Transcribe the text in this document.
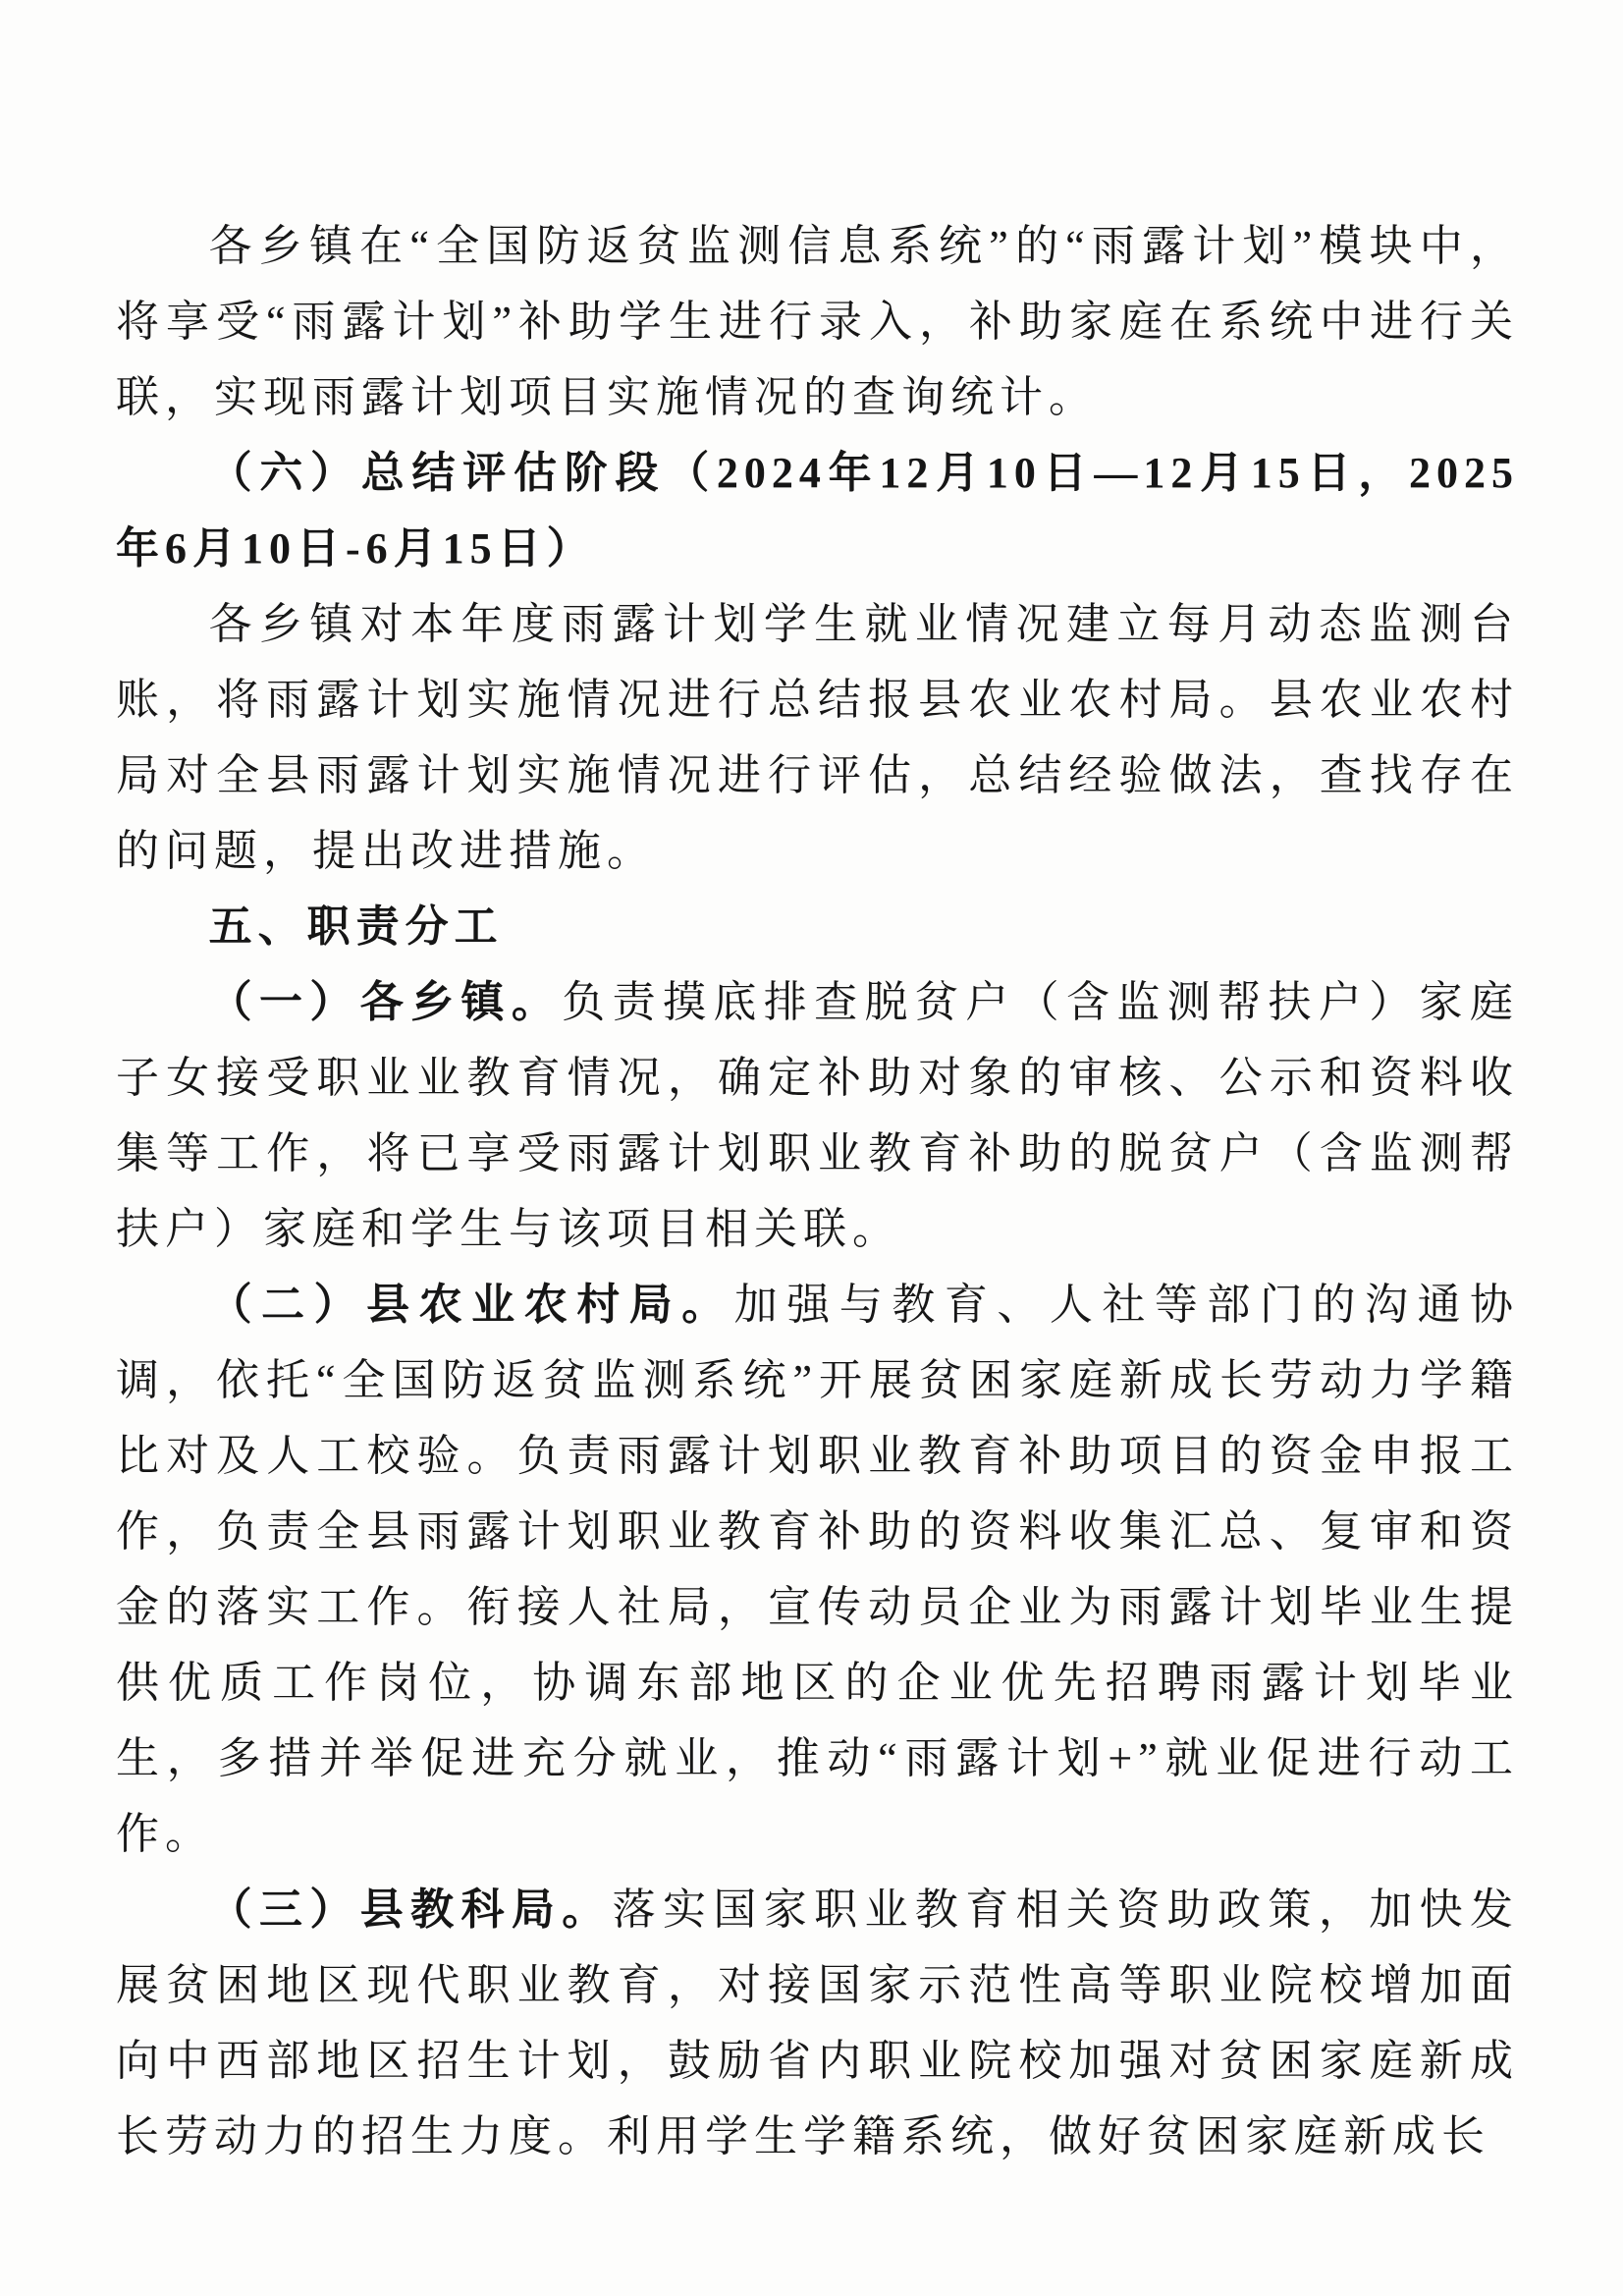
各乡镇在“全国防返贫监测信息系统”的“雨露计划”模块中，将享受“雨露计划”补助学生进行录入，补助家庭在系统中进行关联，实现雨露计划项目实施情况的查询统计。

（六）总结评估阶段（2024年12月10日—12月15日，2025年6月10日-6月15日）

各乡镇对本年度雨露计划学生就业情况建立每月动态监测台账，将雨露计划实施情况进行总结报县农业农村局。县农业农村局对全县雨露计划实施情况进行评估，总结经验做法，查找存在的问题，提出改进措施。

五、职责分工

（一）各乡镇。负责摸底排查脱贫户（含监测帮扶户）家庭子女接受职业业教育情况，确定补助对象的审核、公示和资料收集等工作，将已享受雨露计划职业教育补助的脱贫户（含监测帮扶户）家庭和学生与该项目相关联。

（二）县农业农村局。加强与教育、人社等部门的沟通协调，依托“全国防返贫监测系统”开展贫困家庭新成长劳动力学籍比对及人工校验。负责雨露计划职业教育补助项目的资金申报工作，负责全县雨露计划职业教育补助的资料收集汇总、复审和资金的落实工作。衔接人社局，宣传动员企业为雨露计划毕业生提供优质工作岗位，协调东部地区的企业优先招聘雨露计划毕业生，多措并举促进充分就业，推动“雨露计划+”就业促进行动工作。

（三）县教科局。落实国家职业教育相关资助政策，加快发展贫困地区现代职业教育，对接国家示范性高等职业院校增加面向中西部地区招生计划，鼓励省内职业院校加强对贫困家庭新成长劳动力的招生力度。利用学生学籍系统，做好贫困家庭新成长
